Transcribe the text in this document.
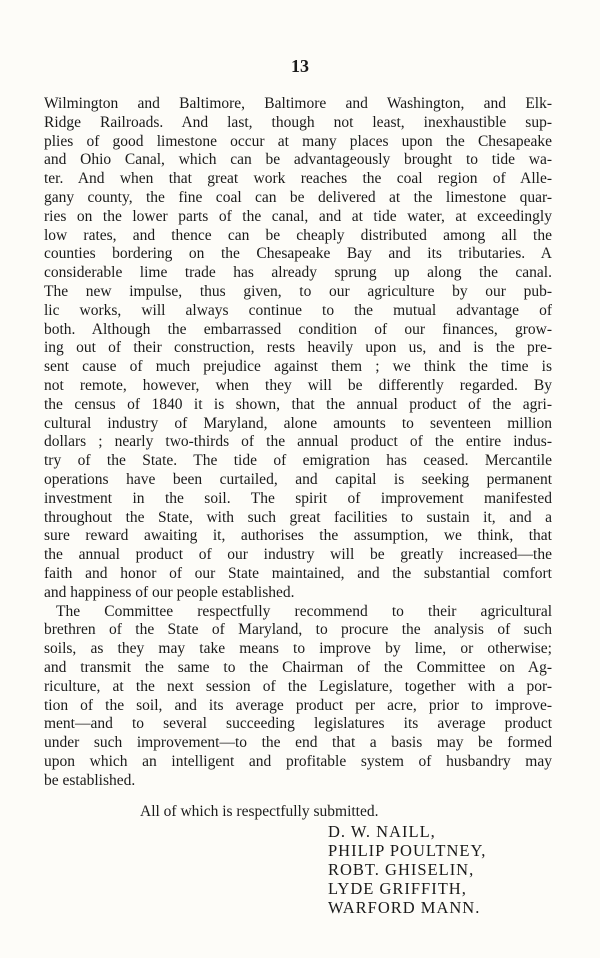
13
Wilmington and Baltimore, Baltimore and Washington, and Elk-
Ridge Railroads. And last, though not least, inexhaustible sup-
plies of good limestone occur at many places upon the Chesapeake
and Ohio Canal, which can be advantageously brought to tide wa-
ter. And when that great work reaches the coal region of Alle-
gany county, the fine coal can be delivered at the limestone quar-
ries on the lower parts of the canal, and at tide water, at exceedingly
low rates, and thence can be cheaply distributed among all the
counties bordering on the Chesapeake Bay and its tributaries. A
considerable lime trade has already sprung up along the canal.
The new impulse, thus given, to our agriculture by our pub-
lic works, will always continue to the mutual advantage of
both. Although the embarrassed condition of our finances, grow-
ing out of their construction, rests heavily upon us, and is the pre-
sent cause of much prejudice against them ; we think the time is
not remote, however, when they will be differently regarded. By
the census of 1840 it is shown, that the annual product of the agri-
cultural industry of Maryland, alone amounts to seventeen million
dollars ; nearly two-thirds of the annual product of the entire indus-
try of the State. The tide of emigration has ceased. Mercantile
operations have been curtailed, and capital is seeking permanent
investment in the soil. The spirit of improvement manifested
throughout the State, with such great facilities to sustain it, and a
sure reward awaiting it, authorises the assumption, we think, that
the annual product of our industry will be greatly increased—the
faith and honor of our State maintained, and the substantial comfort
and happiness of our people established.
The Committee respectfully recommend to their agricultural
brethren of the State of Maryland, to procure the analysis of such
soils, as they may take means to improve by lime, or otherwise;
and transmit the same to the Chairman of the Committee on Ag-
riculture, at the next session of the Legislature, together with a por-
tion of the soil, and its average product per acre, prior to improve-
ment—and to several succeeding legislatures its average product
under such improvement—to the end that a basis may be formed
upon which an intelligent and profitable system of husbandry may
be established.
All of which is respectfully submitted.
D. W. NAILL,
PHILIP POULTNEY,
ROBT. GHISELIN,
LYDE GRIFFITH,
WARFORD MANN.
